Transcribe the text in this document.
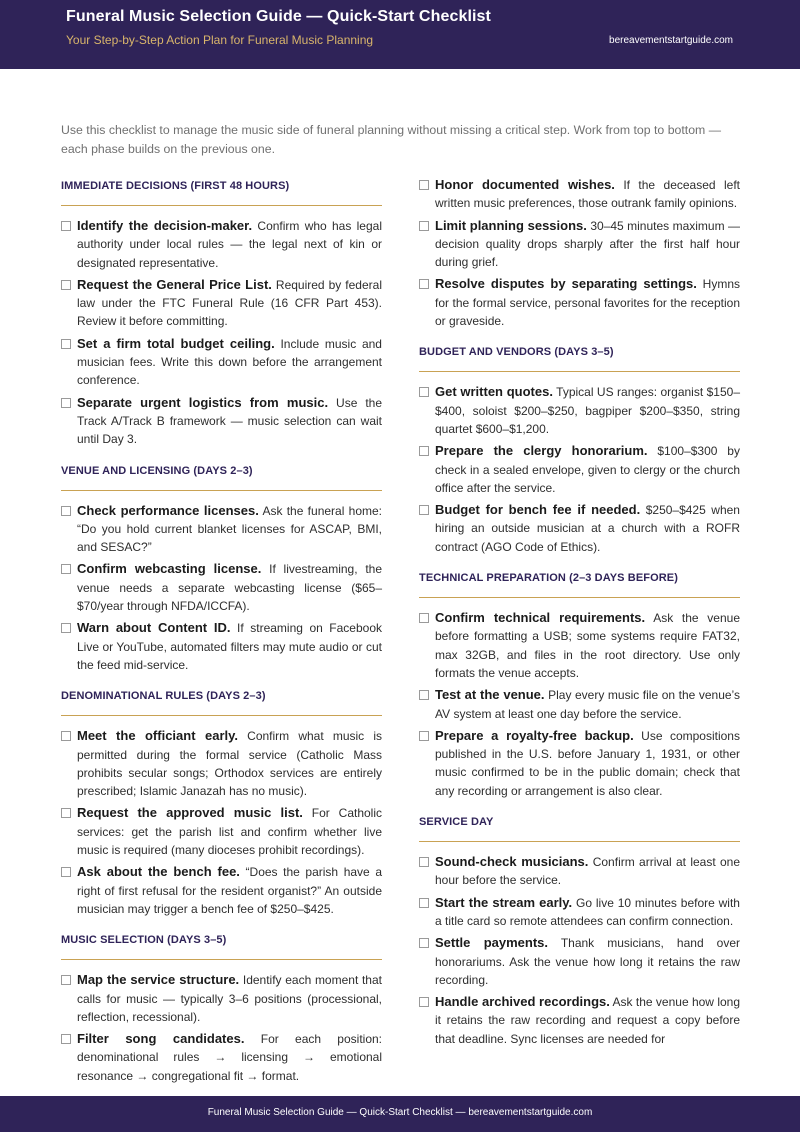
Funeral Music Selection Guide — Quick-Start Checklist
Your Step-by-Step Action Plan for Funeral Music Planning	bereavementstartguide.com
Use this checklist to manage the music side of funeral planning without missing a critical step. Work from top to bottom — each phase builds on the previous one.
IMMEDIATE DECISIONS (FIRST 48 HOURS)
Identify the decision-maker. Confirm who has legal authority under local rules — the legal next of kin or designated representative.
Request the General Price List. Required by federal law under the FTC Funeral Rule (16 CFR Part 453). Review it before committing.
Set a firm total budget ceiling. Include music and musician fees. Write this down before the arrangement conference.
Separate urgent logistics from music. Use the Track A/Track B framework — music selection can wait until Day 3.
VENUE AND LICENSING (DAYS 2–3)
Check performance licenses. Ask the funeral home: “Do you hold current blanket licenses for ASCAP, BMI, and SESAC?”
Confirm webcasting license. If livestreaming, the venue needs a separate webcasting license ($65–$70/year through NFDA/ICCFA).
Warn about Content ID. If streaming on Facebook Live or YouTube, automated filters may mute audio or cut the feed mid-service.
DENOMINATIONAL RULES (DAYS 2–3)
Meet the officiant early. Confirm what music is permitted during the formal service (Catholic Mass prohibits secular songs; Orthodox services are entirely prescribed; Islamic Janazah has no music).
Request the approved music list. For Catholic services: get the parish list and confirm whether live music is required (many dioceses prohibit recordings).
Ask about the bench fee. “Does the parish have a right of first refusal for the resident organist?” An outside musician may trigger a bench fee of $250–$425.
MUSIC SELECTION (DAYS 3–5)
Map the service structure. Identify each moment that calls for music — typically 3–6 positions (processional, reflection, recessional).
Filter song candidates. For each position: denominational rules → licensing → emotional resonance → congregational fit → format.
Honor documented wishes. If the deceased left written music preferences, those outrank family opinions.
Limit planning sessions. 30–45 minutes maximum — decision quality drops sharply after the first half hour during grief.
Resolve disputes by separating settings. Hymns for the formal service, personal favorites for the reception or graveside.
BUDGET AND VENDORS (DAYS 3–5)
Get written quotes. Typical US ranges: organist $150–$400, soloist $200–$250, bagpiper $200–$350, string quartet $600–$1,200.
Prepare the clergy honorarium. $100–$300 by check in a sealed envelope, given to clergy or the church office after the service.
Budget for bench fee if needed. $250–$425 when hiring an outside musician at a church with a ROFR contract (AGO Code of Ethics).
TECHNICAL PREPARATION (2–3 DAYS BEFORE)
Confirm technical requirements. Ask the venue before formatting a USB; some systems require FAT32, max 32GB, and files in the root directory. Use only formats the venue accepts.
Test at the venue. Play every music file on the venue’s AV system at least one day before the service.
Prepare a royalty-free backup. Use compositions published in the U.S. before January 1, 1931, or other music confirmed to be in the public domain; check that any recording or arrangement is also clear.
SERVICE DAY
Sound-check musicians. Confirm arrival at least one hour before the service.
Start the stream early. Go live 10 minutes before with a title card so remote attendees can confirm connection.
Settle payments. Thank musicians, hand over honorariums. Ask the venue how long it retains the raw recording.
Handle archived recordings. Ask the venue how long it retains the raw recording and request a copy before that deadline. Sync licenses are needed for
Funeral Music Selection Guide — Quick-Start Checklist — bereavementstartguide.com
